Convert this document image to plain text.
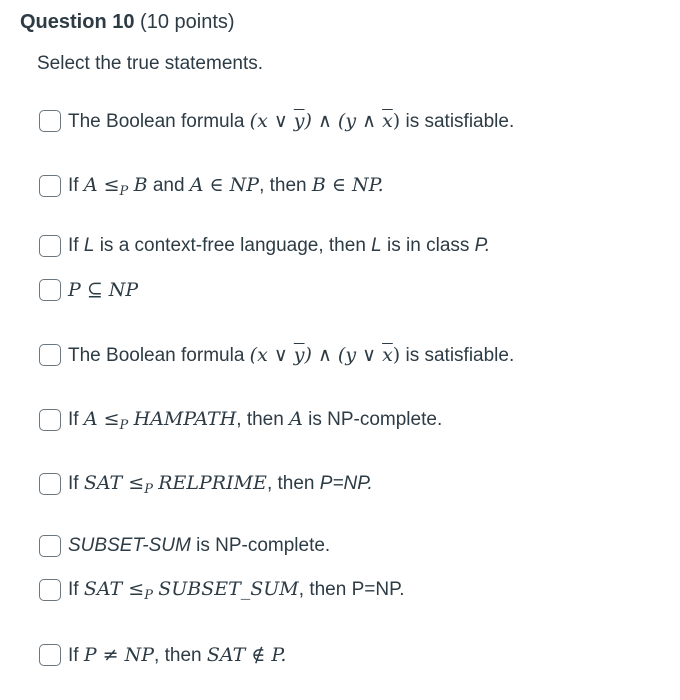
Question 10 (10 points)
Select the true statements.
The Boolean formula (x ∨ $\overline{y}$) ∧ (y ∧ $\overline{x}$) is satisfiable.
If $A \le_P$ B and A ∈ NP, then B ∈ NP.
If L is a context-free language, then L is in class P.
P ⊆ NP
The Boolean formula (x ∨ $\overline{y}$) ∧ (y ∨ $\overline{x}$) is satisfiable.
If $A \le_P$ HAMPATH, then A is NP-complete.
If SAT $\le_P$ RELPRIME, then P=NP.
SUBSET-SUM is NP-complete.
If SAT $\le_P$ SUBSET_SUM, then P=NP.
If P ≠ NP, then SAT ∉ P.
